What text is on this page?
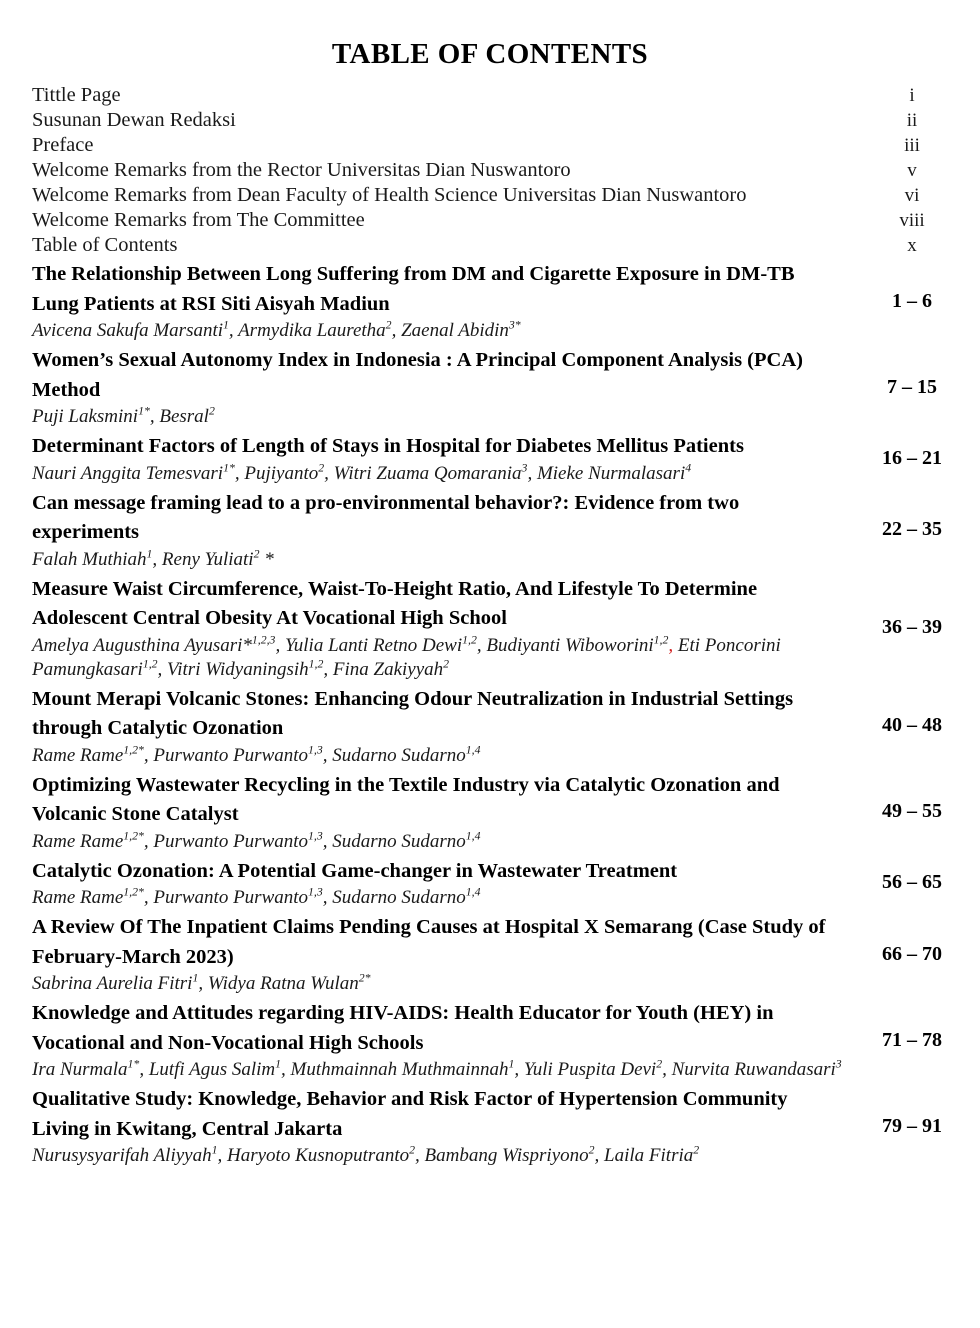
TABLE OF CONTENTS
Tittle Page	i
Susunan Dewan Redaksi	ii
Preface	iii
Welcome Remarks from the Rector Universitas Dian Nuswantoro	v
Welcome Remarks from Dean Faculty of Health Science Universitas Dian Nuswantoro	vi
Welcome Remarks from The Committee	viii
Table of Contents	x

The Relationship Between Long Suffering from DM and Cigarette Exposure in DM-TB Lung Patients at RSI Siti Aisyah Madiun
Avicena Sakufa Marsanti$^1$, Armydika Lauretha$^2$, Zaenal Abidin$^{3*}$	1 – 6

Women’s Sexual Autonomy Index in Indonesia : A Principal Component Analysis (PCA) Method
Puji Laksmini$^{1*}$, Besral$^2$	7 – 15

Determinant Factors of Length of Stays in Hospital for Diabetes Mellitus Patients
Nauri Anggita Temesvari$^{1*}$, Pujiyanto$^2$, Witri Zuama Qomarania$^3$, Mieke Nurmalasari$^4$	16 – 21

Can message framing lead to a pro-environmental behavior?: Evidence from two experiments
Falah Muthiah$^1$, Reny Yuliati$^2$ *	22 – 35

Measure Waist Circumference, Waist-To-Height Ratio, And Lifestyle To Determine Adolescent Central Obesity At Vocational High School
Amelya Augusthina Ayusari*$^{1,2,3}$, Yulia Lanti Retno Dewi$^{1,2}$, Budiyanti Wiboworini$^{1,2}$, Eti Poncorini Pamungkasari$^{1,2}$, Vitri Widyaningsih$^{1,2}$, Fina Zakiyyah$^2$	36 – 39

Mount Merapi Volcanic Stones: Enhancing Odour Neutralization in Industrial Settings through Catalytic Ozonation
Rame Rame$^{1,2*}$, Purwanto Purwanto$^{1,3}$, Sudarno Sudarno$^{1,4}$	40 – 48

Optimizing Wastewater Recycling in the Textile Industry via Catalytic Ozonation and Volcanic Stone Catalyst
Rame Rame$^{1,2*}$, Purwanto Purwanto$^{1,3}$, Sudarno Sudarno$^{1,4}$	49 – 55

Catalytic Ozonation: A Potential Game-changer in Wastewater Treatment
Rame Rame$^{1,2*}$, Purwanto Purwanto$^{1,3}$, Sudarno Sudarno$^{1,4}$	56 – 65

A Review Of The Inpatient Claims Pending Causes at Hospital X Semarang (Case Study of February-March 2023)
Sabrina Aurelia Fitri$^1$, Widya Ratna Wulan$^{2*}$	66 – 70

Knowledge and Attitudes regarding HIV-AIDS: Health Educator for Youth (HEY) in Vocational and Non-Vocational High Schools
Ira Nurmala$^{1*}$, Lutfi Agus Salim$^1$, Muthmainnah Muthmainnah$^1$, Yuli Puspita Devi$^2$, Nurvita Ruwandasari$^3$	71 – 78

Qualitative Study: Knowledge, Behavior and Risk Factor of Hypertension Community Living in Kwitang, Central Jakarta
Nurusysyarifah Aliyyah$^1$, Haryoto Kusnoputranto$^2$, Bambang Wispriyono$^2$, Laila Fitria$^2$	79 – 91
